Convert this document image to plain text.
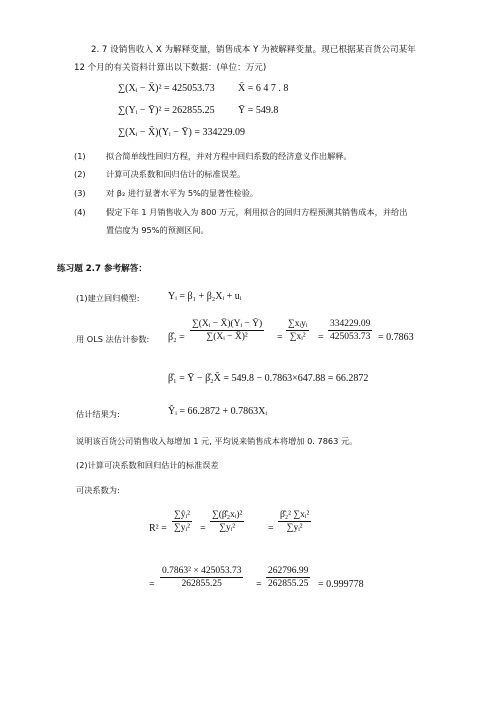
2. 7 设销售收入 X 为解释变量，销售成本 Y 为被解释变量。现已根据某百货公司某年
12 个月的有关资料计算出以下数据：(单位：万元)
∑(Xᵢ − X̄)² = 425053.73 X̄ = 6 4 7 . 8
∑(Yᵢ − Ȳ)² = 262855.25 Ȳ = 549.8
∑(Xᵢ − X̄)(Yᵢ − Ȳ) = 334229.09
(1) 拟合简单线性回归方程，并对方程中回归系数的经济意义作出解释。
(2) 计算可决系数和回归估计的标准误差。
(3) 对 β₂ 进行显著水平为 5%的显著性检验。
(4) 假定下年 1 月销售收入为 800 万元，利用拟合的回归方程预测其销售成本，并给出
置信度为 95%的预测区间。
练习题 2.7 参考解答：
(1)建立回归模型:	Yᵢ = β₁ + β₂Xᵢ + uᵢ
用 OLS 法估计参数: β̂₂ =
∑(Xᵢ − X̄)(Yᵢ − Ȳ)
∑(Xᵢ − X̄)²	=
∑xᵢyᵢ
∑xᵢ² =
334229.09
425053.73 = 0.7863
β̂₁ = Ȳ − β̂₂X̄ = 549.8 − 0.7863×647.88 = 66.2872
估计结果为:	Ŷᵢ = 66.2872 + 0.7863Xᵢ
说明该百货公司销售收入每增加 1 元, 平均说来销售成本将增加 0. 7863 元。
(2)计算可决系数和回归估计的标准误差
可决系数为:
R² =
∑ŷᵢ²
∑yᵢ² =
∑(β̂₂xᵢ)²
∑yᵢ²	=
β̂₂² ∑xᵢ²
∑yᵢ²
=
0.7863² × 425053.73
262855.25	=
262796.99
262855.25 = 0.999778
